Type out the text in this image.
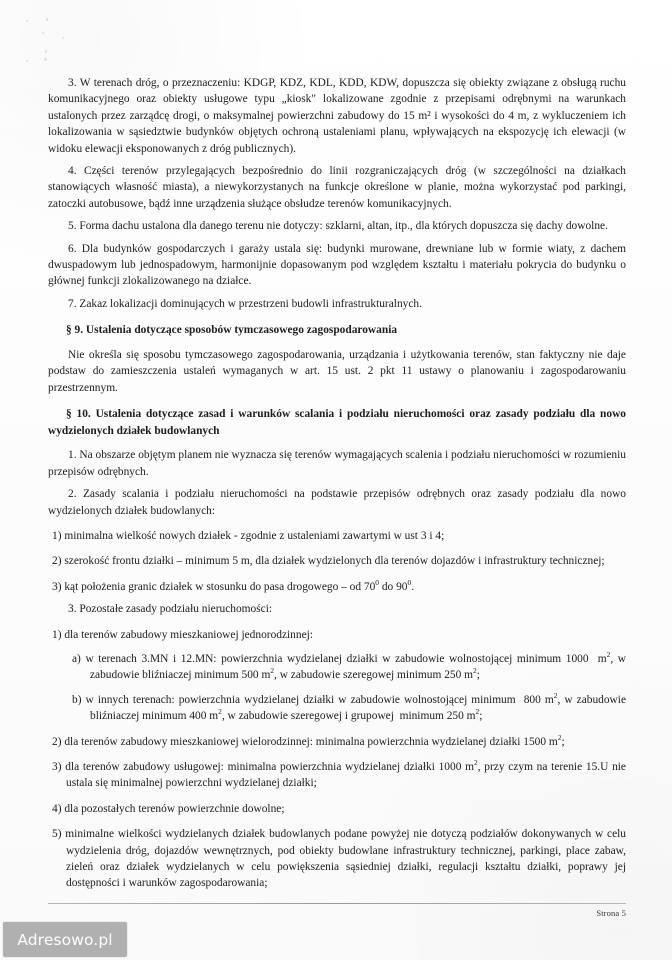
3. W terenach dróg, o przeznaczeniu: KDGP, KDZ, KDL, KDD, KDW, dopuszcza się obiekty związane z obsługą ruchu komunikacyjnego oraz obiekty usługowe typu „kiosk" lokalizowane zgodnie z przepisami odrębnymi na warunkach ustalonych przez zarządcę drogi, o maksymalnej powierzchni zabudowy do 15 m² i wysokości do 4 m, z wykluczeniem ich lokalizowania w sąsiedztwie budynków objętych ochroną ustaleniami planu, wpływających na ekspozycję ich elewacji (w widoku elewacji eksponowanych z dróg publicznych).

4. Części terenów przylegających bezpośrednio do linii rozgraniczających dróg (w szczególności na działkach stanowiących własność miasta), a niewykorzystanych na funkcje określone w planie, można wykorzystać pod parkingi, zatoczki autobusowe, bądź inne urządzenia służące obsłudze terenów komunikacyjnych.

5. Forma dachu ustalona dla danego terenu nie dotyczy: szklarni, altan, itp., dla których dopuszcza się dachy dowolne.

6. Dla budynków gospodarczych i garaży ustala się: budynki murowane, drewniane lub w formie wiaty, z dachem dwuspadowym lub jednospadowym, harmonijnie dopasowanym pod względem kształtu i materiału pokrycia do budynku o głównej funkcji zlokalizowanego na działce.

7. Zakaz lokalizacji dominujących w przestrzeni budowli infrastrukturalnych.

§ 9. Ustalenia dotyczące sposobów tymczasowego zagospodarowania

Nie określa się sposobu tymczasowego zagospodarowania, urządzania i użytkowania terenów, stan faktyczny nie daje podstaw do zamieszczenia ustaleń wymaganych w art. 15 ust. 2 pkt 11 ustawy o planowaniu i zagospodarowaniu przestrzennym.

§ 10. Ustalenia dotyczące zasad i warunków scalania i podziału nieruchomości oraz zasady podziału dla nowo wydzielonych działek budowlanych

1. Na obszarze objętym planem nie wyznacza się terenów wymagających scalenia i podziału nieruchomości w rozumieniu przepisów odrębnych.

2. Zasady scalania i podziału nieruchomości na podstawie przepisów odrębnych oraz zasady podziału dla nowo wydzielonych działek budowlanych:

1) minimalna wielkość nowych działek - zgodnie z ustaleniami zawartymi w ust 3 i 4;

2) szerokość frontu działki – minimum 5 m, dla działek wydzielonych dla terenów dojazdów i infrastruktury technicznej;

3) kąt położenia granic działek w stosunku do pasa drogowego – od $70^0$ do $90^0$.

3. Pozostałe zasady podziału nieruchomości:

1) dla terenów zabudowy mieszkaniowej jednorodzinnej:

a) w terenach 3.MN i 12.MN: powierzchnia wydzielanej działki w zabudowie wolnostojącej minimum 1000  $m^2$, w zabudowie bliźniaczej minimum 500 $m^2$, w zabudowie szeregowej minimum 250 $m^2$;

b) w innych terenach: powierzchnia wydzielanej działki w zabudowie wolnostojącej minimum  800 $m^2$, w zabudowie bliźniaczej minimum 400 $m^2$, w zabudowie szeregowej i grupowej  minimum 250 $m^2$;

2) dla terenów zabudowy mieszkaniowej wielorodzinnej: minimalna powierzchnia wydzielanej działki 1500 $m^2$;

3) dla terenów zabudowy usługowej: minimalna powierzchnia wydzielanej działki 1000 $m^2$, przy czym na terenie 15.U nie ustala się minimalnej powierzchni wydzielanej działki;

4) dla pozostałych terenów powierzchnie dowolne;

5) minimalne wielkości wydzielanych działek budowlanych podane powyżej nie dotyczą podziałów dokonywanych w celu wydzielenia dróg, dojazdów wewnętrznych, pod obiekty budowlane infrastruktury technicznej, parkingi, place zabaw, zieleń oraz działek wydzielanych w celu powiększenia sąsiedniej działki, regulacji kształtu działki, poprawy jej dostępności i warunków zagospodarowania;

Strona 5
Adresowo.pl
